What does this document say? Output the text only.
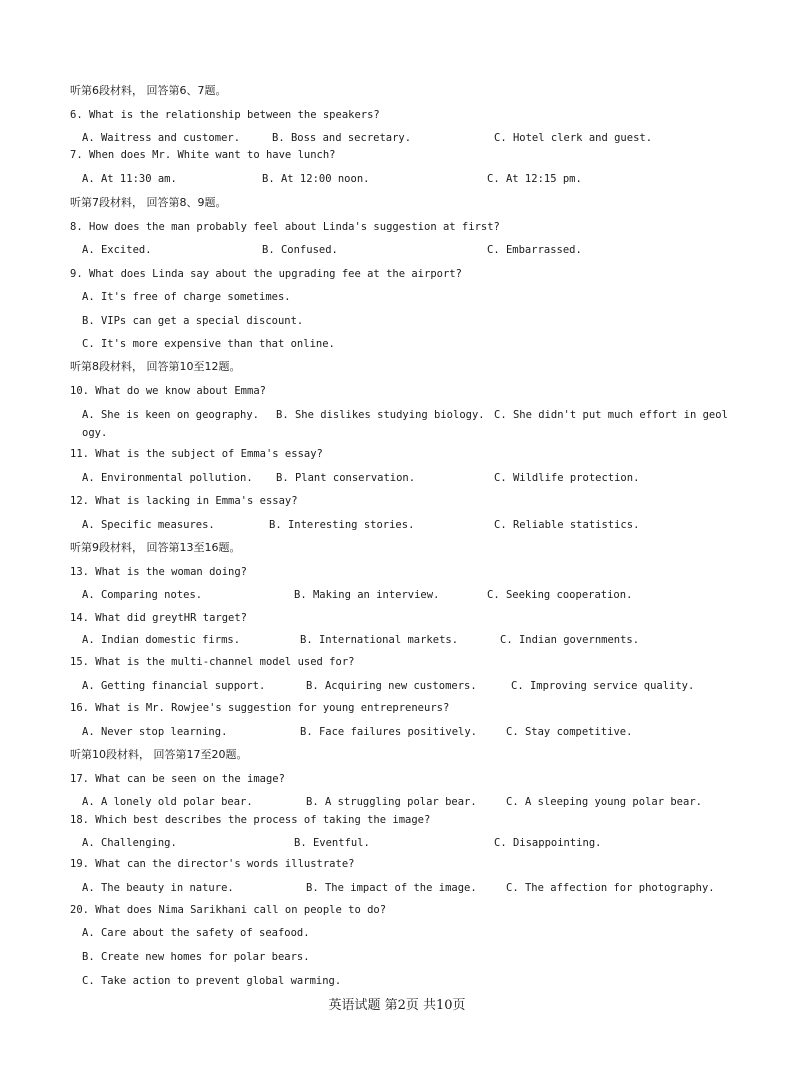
听第6段材料， 回答第6、7题。
6. What is the relationship between the speakers?
A. Waitress and customer.	B. Boss and secretary.	C. Hotel clerk and guest.
7. When does Mr. White want to have lunch?
A. At 11:30 am.	B. At 12:00 noon.	C. At 12:15 pm.
听第7段材料， 回答第8、9题。
8. How does the man probably feel about Linda's suggestion at first?
A. Excited.	B. Confused.	C. Embarrassed.
9. What does Linda say about the upgrading fee at the airport?
A. It's free of charge sometimes.
B. VIPs can get a special discount.
C. It's more expensive than that online.
听第8段材料， 回答第10至12题。
10. What do we know about Emma?
A. She is keen on geography. B. She dislikes studying biology. C. She didn't put much effort in geol
ogy.
11. What is the subject of Emma's essay?
A. Environmental pollution. B. Plant conservation.	C. Wildlife protection.
12. What is lacking in Emma's essay?
A. Specific measures.	B. Interesting stories.	C. Reliable statistics.
听第9段材料， 回答第13至16题。
13. What is the woman doing?
A. Comparing notes.	B. Making an interview.	C. Seeking cooperation.
14. What did greytHR target?
A. Indian domestic firms.	B. International markets.	C. Indian governments.
15. What is the multi-channel model used for?
A. Getting financial support.	B. Acquiring new customers.	C. Improving service quality.
16. What is Mr. Rowjee's suggestion for young entrepreneurs?
A. Never stop learning.	B. Face failures positively.	C. Stay competitive.
听第10段材料， 回答第17至20题。
17. What can be seen on the image?
A. A lonely old polar bear.	B. A struggling polar bear.	C. A sleeping young polar bear.
18. Which best describes the process of taking the image?
A. Challenging.	B. Eventful.	C. Disappointing.
19. What can the director's words illustrate?
A. The beauty in nature.	B. The impact of the image.	C. The affection for photography.
20. What does Nima Sarikhani call on people to do?
A. Care about the safety of seafood.
B. Create new homes for polar bears.
C. Take action to prevent global warming.
英语试题 第2页 共10页
